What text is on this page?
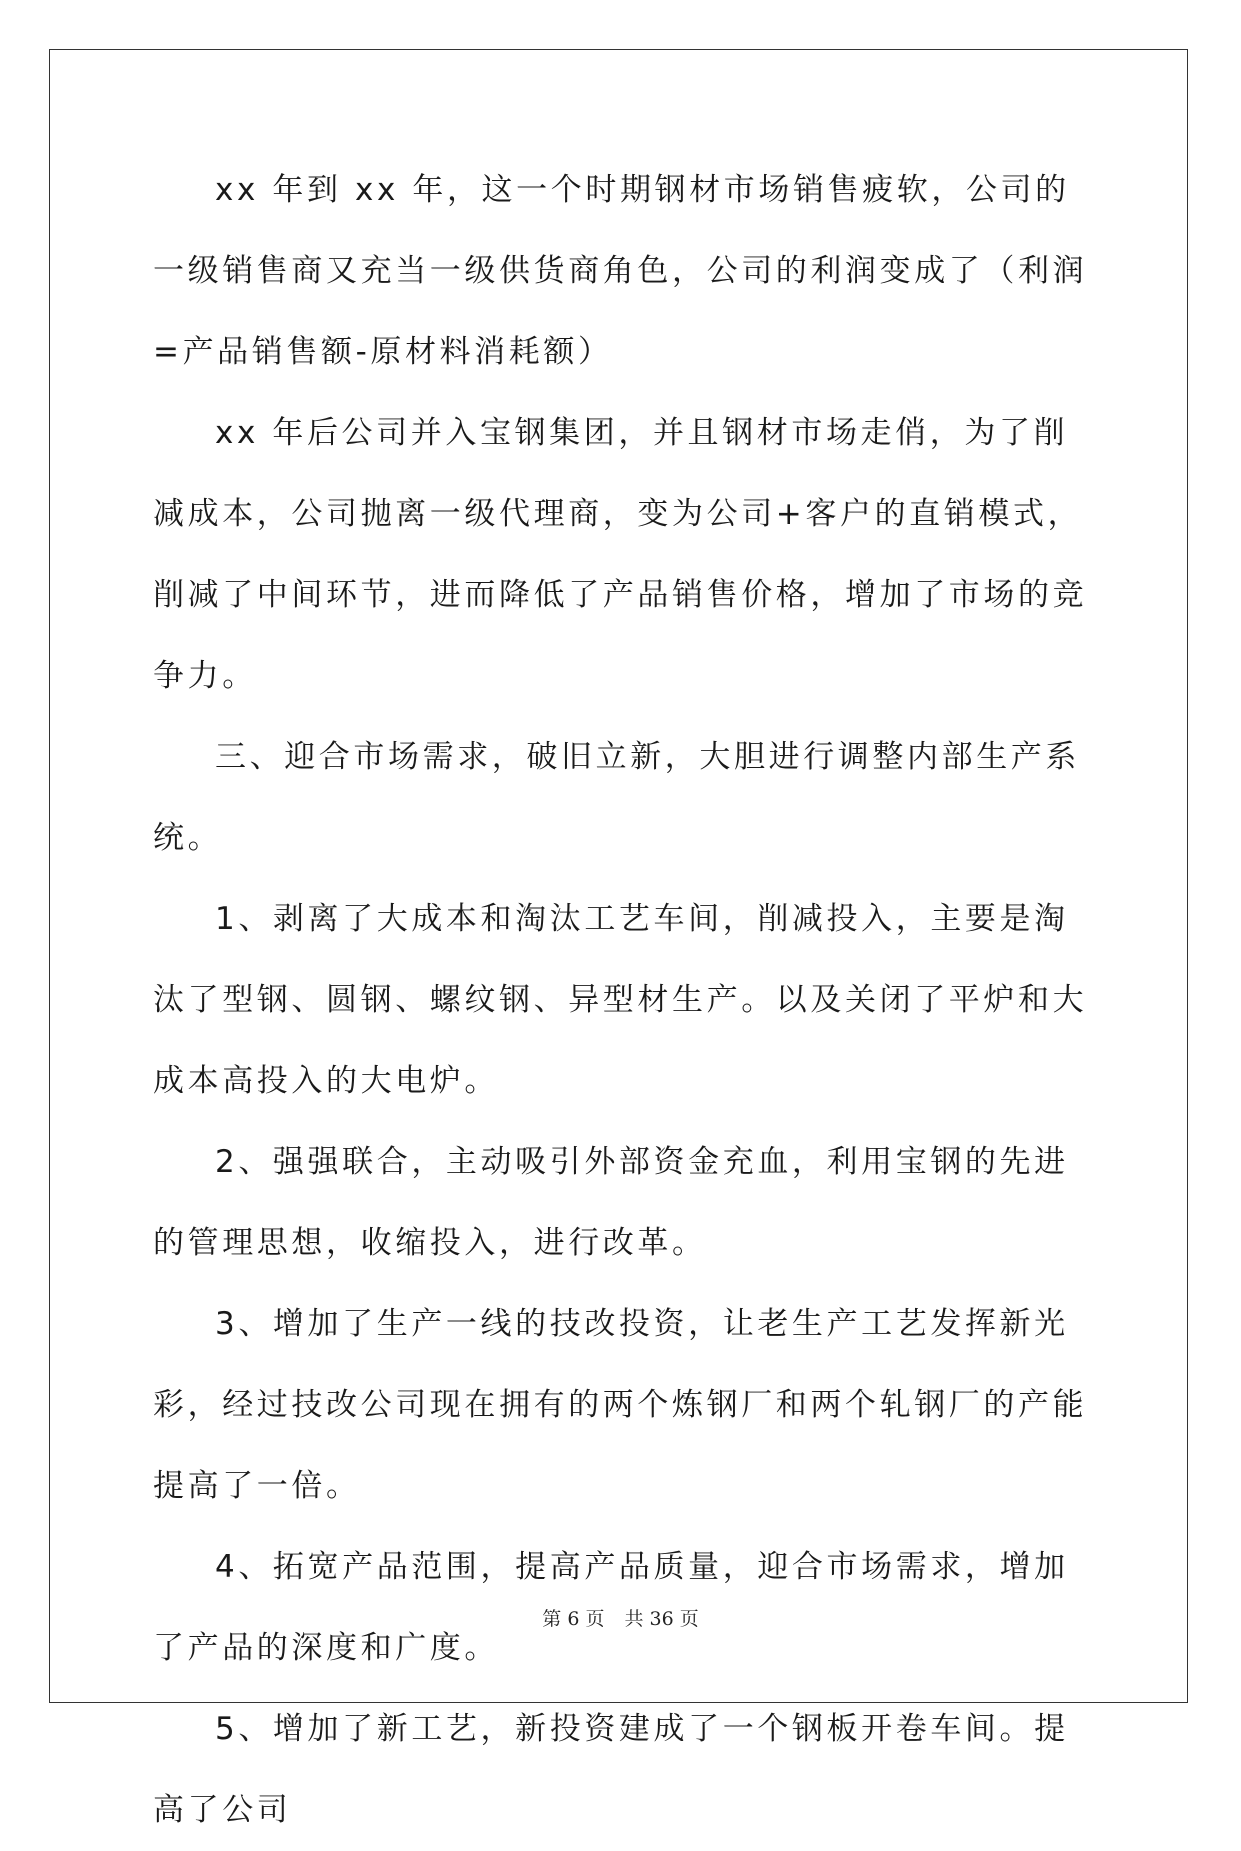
xx 年到 xx 年，这一个时期钢材市场销售疲软，公司的一级销售商又充当一级供货商角色，公司的利润变成了（利润=产品销售额-原材料消耗额）

xx 年后公司并入宝钢集团，并且钢材市场走俏，为了削减成本，公司抛离一级代理商，变为公司+客户的直销模式，削减了中间环节，进而降低了产品销售价格，增加了市场的竞争力。

三、迎合市场需求，破旧立新，大胆进行调整内部生产系统。

1、剥离了大成本和淘汰工艺车间，削减投入，主要是淘汰了型钢、圆钢、螺纹钢、异型材生产。以及关闭了平炉和大成本高投入的大电炉。

2、强强联合，主动吸引外部资金充血，利用宝钢的先进的管理思想，收缩投入，进行改革。

3、增加了生产一线的技改投资，让老生产工艺发挥新光彩，经过技改公司现在拥有的两个炼钢厂和两个轧钢厂的产能提高了一倍。

4、拓宽产品范围，提高产品质量，迎合市场需求，增加了产品的深度和广度。

5、增加了新工艺，新投资建成了一个钢板开卷车间。提高了公司

第 6 页 共 36 页
